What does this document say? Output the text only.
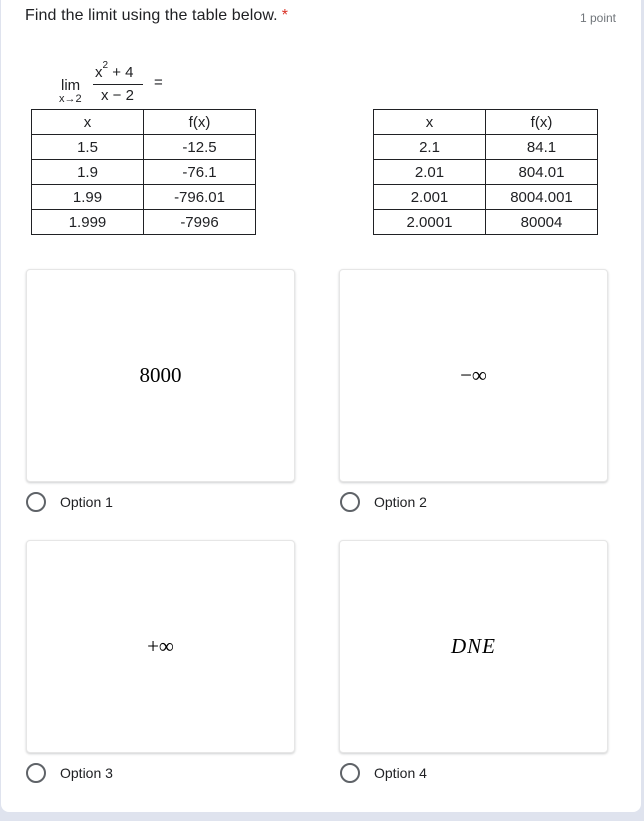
Find the limit using the table below. *	1 point
lim
x→2
$x^2 + 4$
x − 2
=
x	f(x)
1.5	-12.5
1.9	-76.1
1.99	-796.01
1.999	-7996
x	f(x)
2.1	84.1
2.01	804.01
2.001	8004.001
2.0001	80004
8000	−∞
+∞	DNE
Option 1	Option 2
Option 3	Option 4
